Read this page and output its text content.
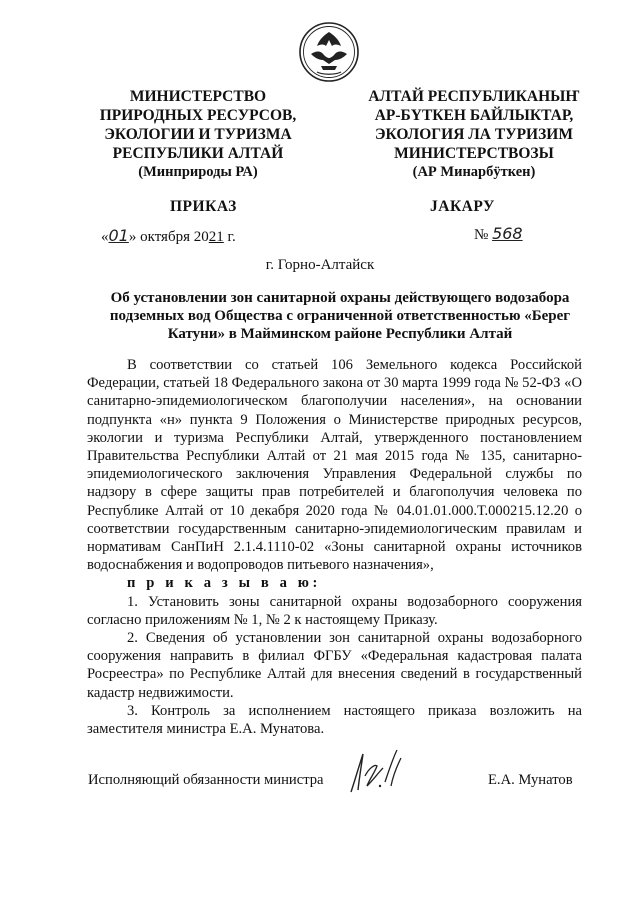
МИНИСТЕРСТВО
ПРИРОДНЫХ РЕСУРСОВ,
ЭКОЛОГИИ И ТУРИЗМА
РЕСПУБЛИКИ АЛТАЙ
(Минприроды РА)
АЛТАЙ РЕСПУБЛИКАНЫҤ
АР-БҮТКЕН БАЙЛЫКТАР,
ЭКОЛОГИЯ ЛА ТУРИЗИМ
МИНИСТЕРСТВОЗЫ
(АР Минарбӱткен)
ПРИКАЗ	JАКАРУ
«01» октября 2021 г.	№ 568
г. Горно-Алтайск
Об установлении зон санитарной охраны действующего водозабора подземных вод Общества с ограниченной ответственностью «Берег Катуни» в Майминском районе Республики Алтай

В соответствии со статьей 106 Земельного кодекса Российской Федерации, статьей 18 Федерального закона от 30 марта 1999 года № 52-ФЗ «О санитарно-эпидемиологическом благополучии населения», на основании подпункта «н» пункта 9 Положения о Министерстве природных ресурсов, экологии и туризма Республики Алтай, утвержденного постановлением Правительства Республики Алтай от 21 мая 2015 года № 135, санитарно-эпидемиологического заключения Управления Федеральной службы по надзору в сфере защиты прав потребителей и благополучия человека по Республике Алтай от 10 декабря 2020 года № 04.01.01.000.Т.000215.12.20 о соответствии государственным санитарно-эпидемиологическим правилам и нормативам СанПиН 2.1.4.1110-02 «Зоны санитарной охраны источников водоснабжения и водопроводов питьевого назначения»,

п р и к а з ы в а ю:

1. Установить зоны санитарной охраны водозаборного сооружения согласно приложениям № 1, № 2 к настоящему Приказу.

2. Сведения об установлении зон санитарной охраны водозаборного сооружения направить в филиал ФГБУ «Федеральная кадастровая палата Росреестра» по Республике Алтай для внесения сведений в государственный кадастр недвижимости.

3. Контроль за исполнением настоящего приказа возложить на заместителя министра Е.А. Мунатова.

Исполняющий обязанности министра	Е.А. Мунатов
